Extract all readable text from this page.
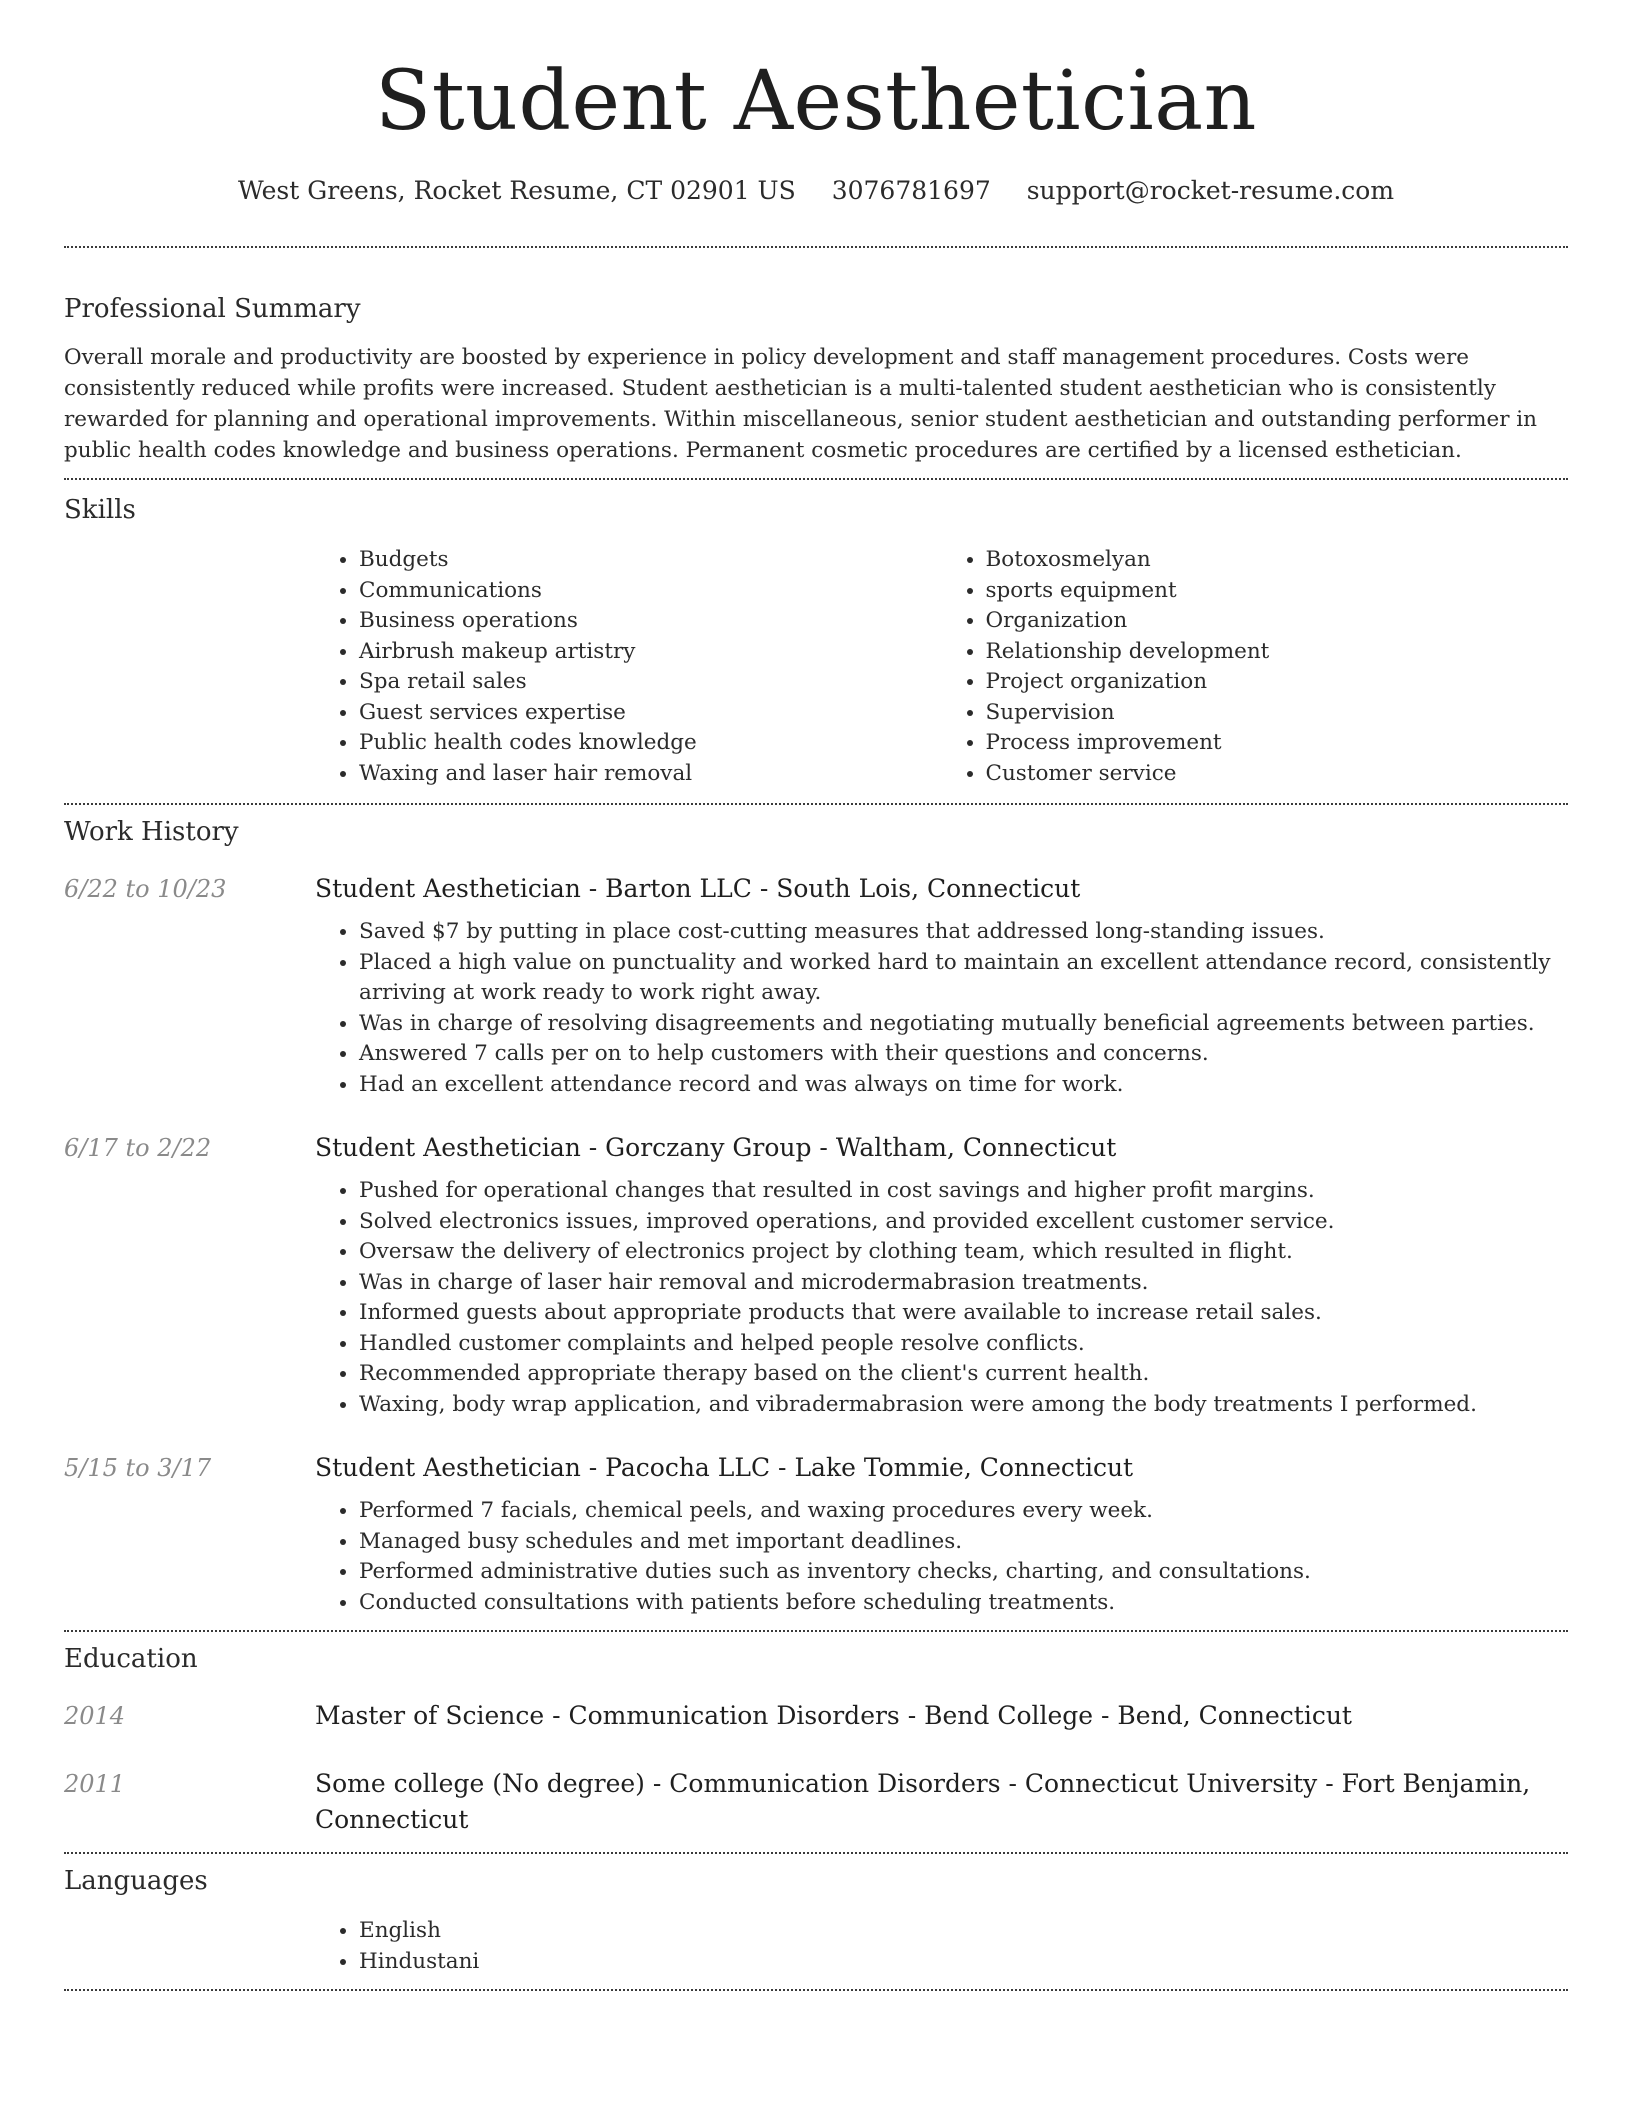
Student Aesthetician
West Greens, Rocket Resume, CT 02901 US 3076781697 support@rocket-resume.com
Professional Summary

Overall morale and productivity are boosted by experience in policy development and staff management procedures. Costs were consistently reduced while profits were increased. Student aesthetician is a multi-talented student aesthetician who is consistently rewarded for planning and operational improvements. Within miscellaneous, senior student aesthetician and outstanding performer in public health codes knowledge and business operations. Permanent cosmetic procedures are certified by a licensed esthetician.

Skills
• Budgets
• Communications
• Business operations
• Airbrush makeup artistry
• Spa retail sales
• Guest services expertise
• Public health codes knowledge
• Waxing and laser hair removal
• Botoxosmelyan
• sports equipment
• Organization
• Relationship development
• Project organization
• Supervision
• Process improvement
• Customer service
Work History
6/22 to 10/23	Student Aesthetician - Barton LLC - South Lois, Connecticut
• Saved $7 by putting in place cost-cutting measures that addressed long-standing issues.
• Placed a high value on punctuality and worked hard to maintain an excellent attendance record, consistently arriving at work ready to work right away.
• Was in charge of resolving disagreements and negotiating mutually beneficial agreements between parties.
• Answered 7 calls per on to help customers with their questions and concerns.
• Had an excellent attendance record and was always on time for work.
6/17 to 2/22	Student Aesthetician - Gorczany Group - Waltham, Connecticut
• Pushed for operational changes that resulted in cost savings and higher profit margins.
• Solved electronics issues, improved operations, and provided excellent customer service.
• Oversaw the delivery of electronics project by clothing team, which resulted in flight.
• Was in charge of laser hair removal and microdermabrasion treatments.
• Informed guests about appropriate products that were available to increase retail sales.
• Handled customer complaints and helped people resolve conflicts.
• Recommended appropriate therapy based on the client's current health.
• Waxing, body wrap application, and vibradermabrasion were among the body treatments I performed.
5/15 to 3/17	Student Aesthetician - Pacocha LLC - Lake Tommie, Connecticut
• Performed 7 facials, chemical peels, and waxing procedures every week.
• Managed busy schedules and met important deadlines.
• Performed administrative duties such as inventory checks, charting, and consultations.
• Conducted consultations with patients before scheduling treatments.
Education
2014	Master of Science - Communication Disorders - Bend College - Bend, Connecticut
2011	Some college (No degree) - Communication Disorders - Connecticut University - Fort Benjamin, Connecticut
Languages
• English
• Hindustani
